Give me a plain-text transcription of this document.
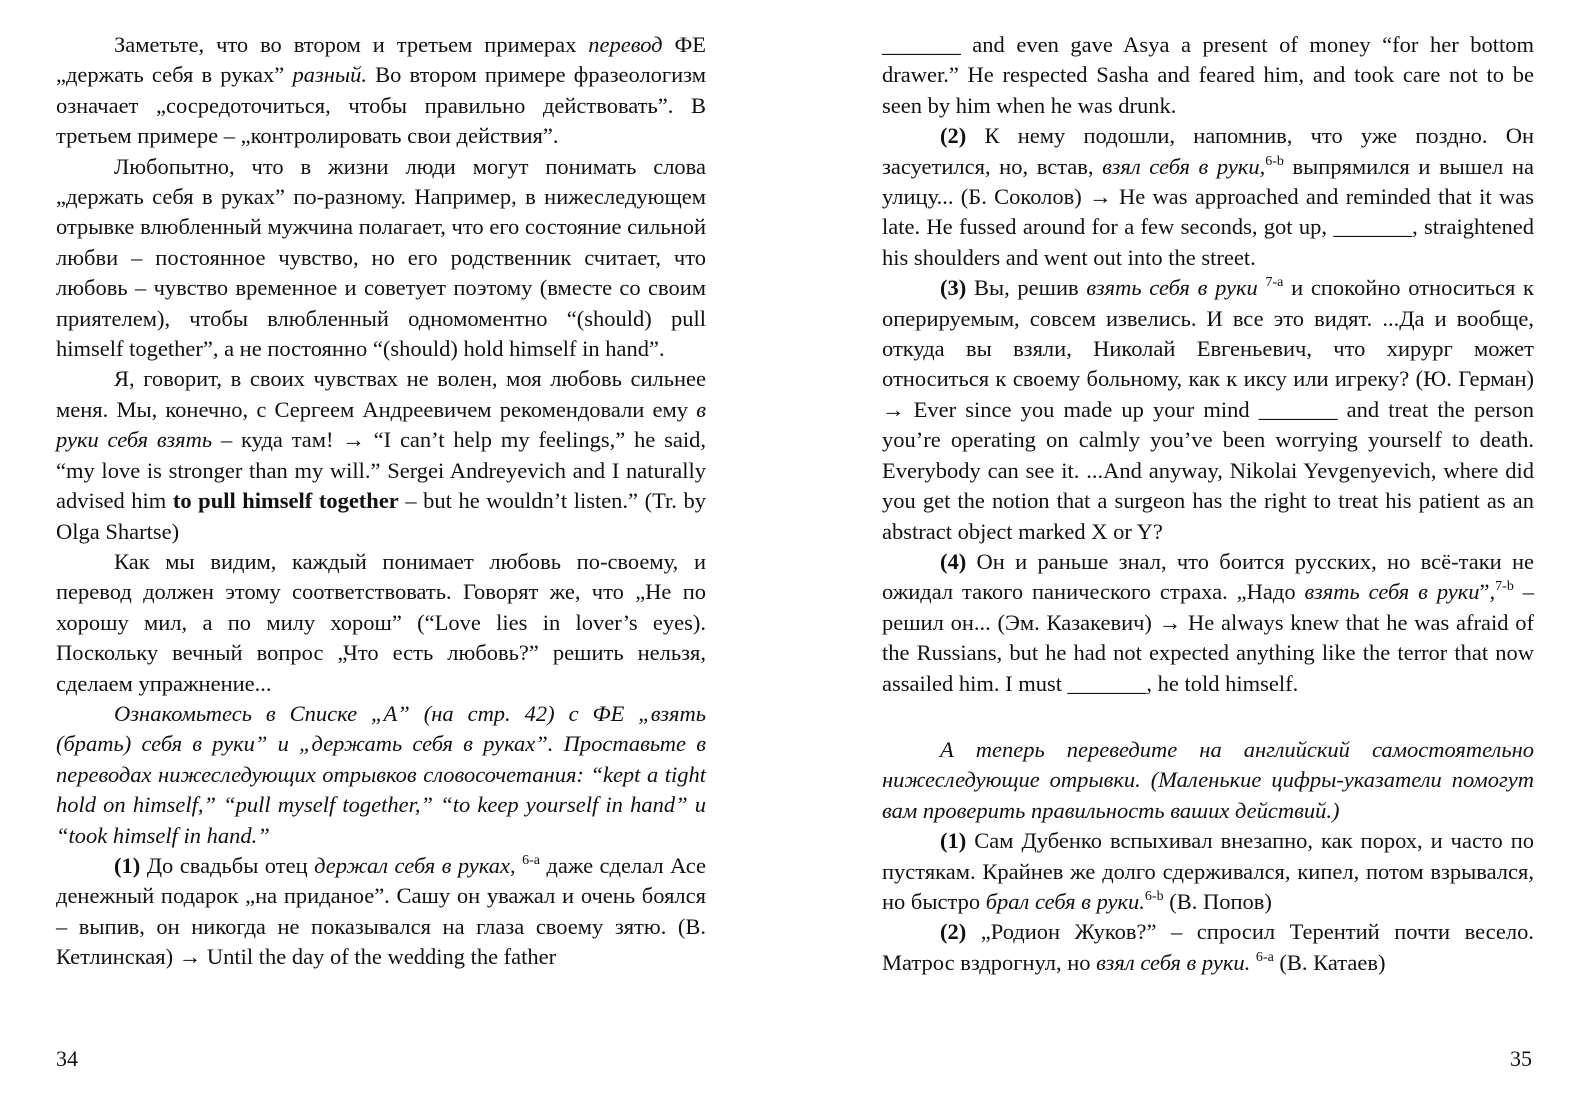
Заметьте, что во втором и третьем примерах перевод ФЕ „держать себя в руках” разный. Во втором примере фразеологизм означает „сосредоточиться, чтобы правильно действовать”. В третьем примере – „контролировать свои действия”.

Любопытно, что в жизни люди могут понимать слова „держать себя в руках” по-разному. Например, в нижеследующем отрывке влюбленный мужчина полагает, что его состояние сильной любви – постоянное чувство, но его родственник считает, что любовь – чувство временное и советует поэтому (вместе со своим приятелем), чтобы влюбленный одномоментно “(should) pull himself together”, а не постоянно “(should) hold himself in hand”.

Я, говорит, в своих чувствах не волен, моя любовь сильнее меня. Мы, конечно, с Сергеем Андреевичем рекомендовали ему в руки себя взять – куда там! → “I can’t help my feelings,” he said, “my love is stronger than my will.” Sergei Andreyevich and I naturally advised him to pull himself together – but he wouldn’t listen.” (Tr. by Olga Shartse)

Как мы видим, каждый понимает любовь по-своему, и перевод должен этому соответствовать. Говорят же, что „Не по хорошу мил, а по милу хорош” (“Love lies in lover’s eyes). Поскольку вечный вопрос „Что есть любовь?” решить нельзя, сделаем упражнение...

Ознакомьтесь в Списке „А” (на стр. 42) с ФЕ „взять (брать) себя в руки” и „держать себя в руках”. Проставьте в переводах нижеследующих отрывков словосочетания: “kept a tight hold on himself,” “pull myself together,” “to keep yourself in hand” и “took himself in hand.”

(1) До свадьбы отец держал себя в руках, $^{6-а}$ даже сделал Асе денежный подарок „на приданое”. Сашу он уважал и очень боялся – выпив, он никогда не показывался на глаза своему зятю. (В. Кетлинская) → Until the day of the wedding the father

_______ and even gave Asya a present of money “for her bottom drawer.” He respected Sasha and feared him, and took care not to be seen by him when he was drunk.

(2) К нему подошли, напомнив, что уже поздно. Он засуетился, но, встав, взял себя в руки,$^{6-b}$ выпрямился и вышел на улицу... (Б. Соколов) → He was approached and reminded that it was late. He fussed around for a few seconds, got up, _______, straightened his shoulders and went out into the street.

(3) Вы, решив взять себя в руки $^{7-а}$ и спокойно относиться к оперируемым, совсем извелись. И все это видят. ...Да и вообще, откуда вы взяли, Николай Евгеньевич, что хирург может относиться к своему больному, как к иксу или игреку? (Ю. Герман) → Ever since you made up your mind _______ and treat the person you’re operating on calmly you’ve been worrying yourself to death. Everybody can see it. ...And anyway, Nikolai Yevgenyevich, where did you get the notion that a surgeon has the right to treat his patient as an abstract object marked X or Y?

(4) Он и раньше знал, что боится русских, но всё-таки не ожидал такого панического страха. „Надо взять себя в руки”,$^{7-b}$ – решил он... (Эм. Казакевич) → He always knew that he was afraid of the Russians, but he had not expected anything like the terror that now assailed him. I must _______, he told himself.

А теперь переведите на английский самостоятельно нижеследующие отрывки. (Маленькие цифры-указатели помогут вам проверить правильность ваших действий.)

(1) Сам Дубенко вспыхивал внезапно, как порох, и часто по пустякам. Крайнев же долго сдерживался, кипел, потом взрывался, но быстро брал себя в руки.$^{6-b}$ (В. Попов)

(2) „Родион Жуков?” – спросил Терентий почти весело. Матрос вздрогнул, но взял себя в руки. $^{6-а}$ (В. Катаев)

34	35
